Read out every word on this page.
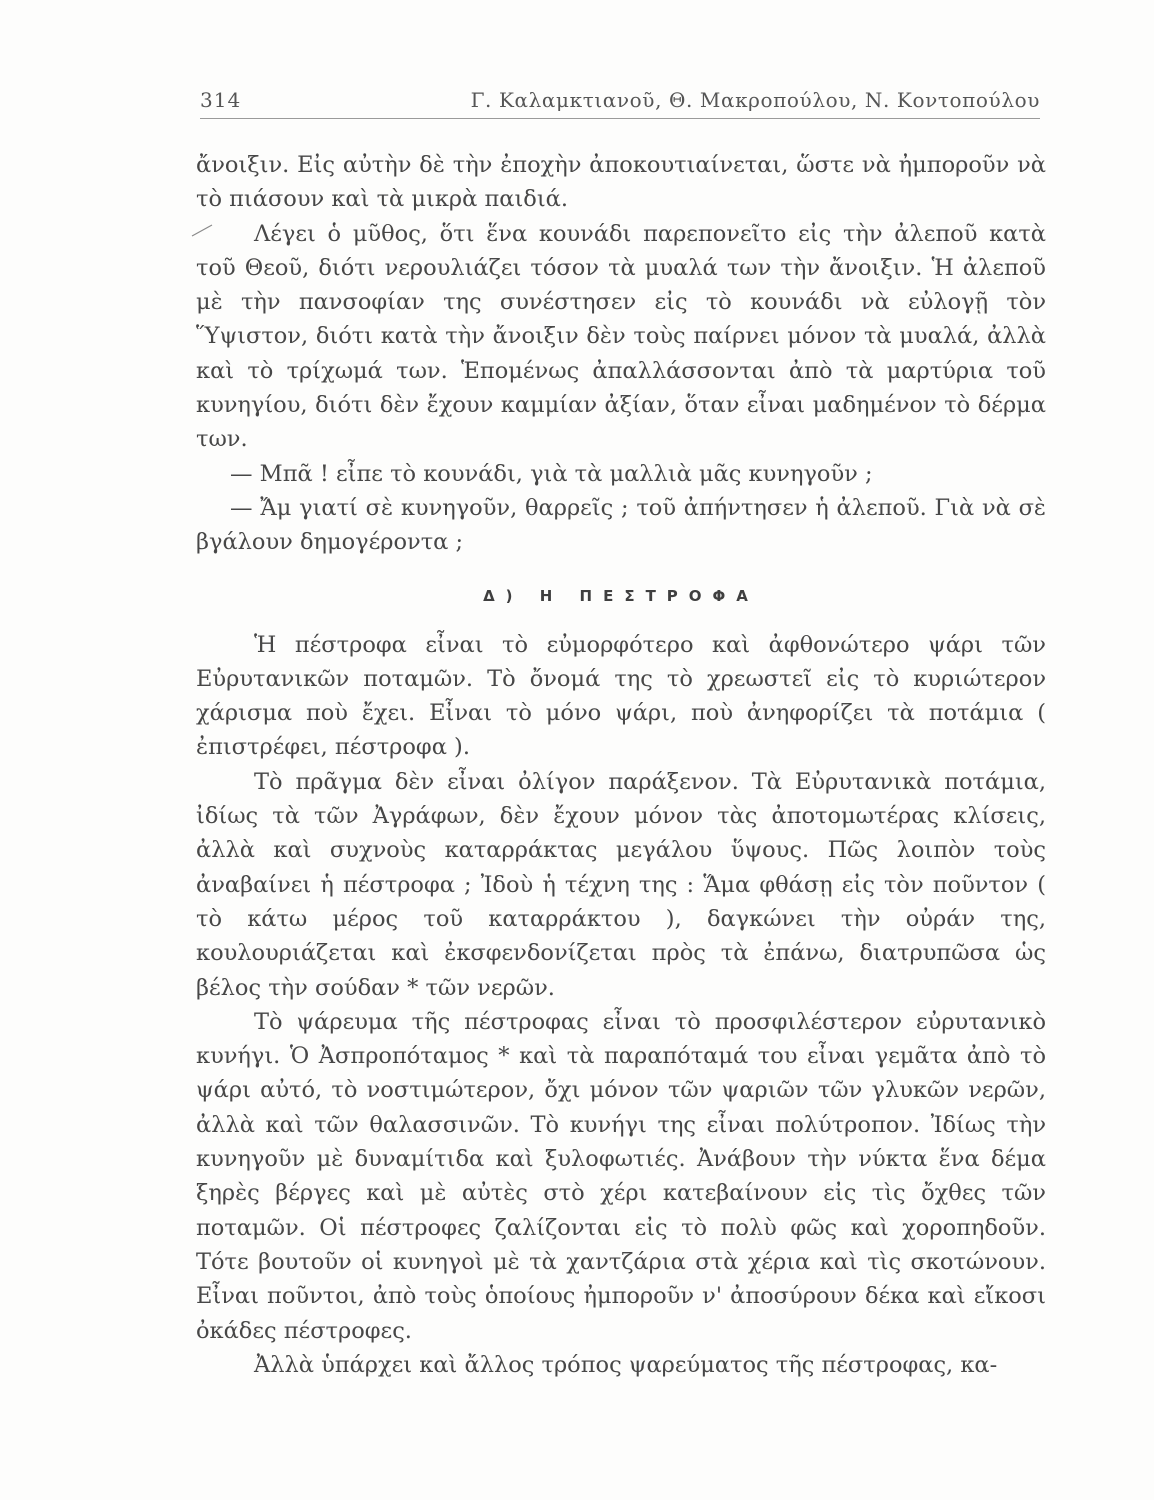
314	Γ. Καλαμκτιανοῦ, Θ. Μακροπούλου, Ν. Κοντοπούλου

ἄνοιξιν. Εἰς αὐτὴν δὲ τὴν ἐποχὴν ἀποκουτιαίνεται, ὥστε νὰ ἠμποροῦν νὰ τὸ πιάσουν καὶ τὰ μικρὰ παιδιά.

Λέγει ὁ μῦθος, ὅτι ἕνα κουνάδι παρεπονεῖτο εἰς τὴν ἀλεποῦ κατὰ τοῦ Θεοῦ, διότι νερουλιάζει τόσον τὰ μυαλά των τὴν ἄνοιξιν. Ἡ ἀλεποῦ μὲ τὴν πανσοφίαν της συνέστησεν εἰς τὸ κουνάδι νὰ εὐλογῇ τὸν Ὕψιστον, διότι κατὰ τὴν ἄνοιξιν δὲν τοὺς παίρνει μόνον τὰ μυαλά, ἀλλὰ καὶ τὸ τρίχωμά των. Ἑπομένως ἀπαλλάσσονται ἀπὸ τὰ μαρτύρια τοῦ κυνηγίου, διότι δὲν ἔχουν καμμίαν ἀξίαν, ὅταν εἶναι μαδημένον τὸ δέρμα των.

— Μπᾶ ! εἶπε τὸ κουνάδι, γιὰ τὰ μαλλιὰ μᾶς κυνηγοῦν ;

— Ἄμ γιατί σὲ κυνηγοῦν, θαρρεῖς ; τοῦ ἀπήντησεν ἡ ἀλεποῦ. Γιὰ νὰ σὲ βγάλουν δημογέροντα ;

Δ) Η ΠΕΣΤΡΟΦΑ

Ἡ πέστροφα εἶναι τὸ εὐμορφότερο καὶ ἀφθονώτερο ψάρι τῶν Εὐρυτανικῶν ποταμῶν. Τὸ ὄνομά της τὸ χρεωστεῖ εἰς τὸ κυριώτερον χάρισμα ποὺ ἔχει. Εἶναι τὸ μόνο ψάρι, ποὺ ἀνηφορίζει τὰ ποτάμια ( ἐπιστρέφει, πέστροφα ).

Τὸ πρᾶγμα δὲν εἶναι ὀλίγον παράξενον. Τὰ Εὐρυτανικὰ ποτάμια, ἰδίως τὰ τῶν Ἀγράφων, δὲν ἔχουν μόνον τὰς ἀποτομωτέρας κλίσεις, ἀλλὰ καὶ συχνοὺς καταρράκτας μεγάλου ὕψους. Πῶς λοιπὸν τοὺς ἀναβαίνει ἡ πέστροφα ; Ἰδοὺ ἡ τέχνη της : Ἅμα φθάσῃ εἰς τὸν ποῦντον ( τὸ κάτω μέρος τοῦ καταρράκτου ), δαγκώνει τὴν οὐράν της, κουλουριάζεται καὶ ἐκσφενδονίζεται πρὸς τὰ ἐπάνω, διατρυπῶσα ὡς βέλος τὴν σούδαν * τῶν νερῶν.

Τὸ ψάρευμα τῆς πέστροφας εἶναι τὸ προσφιλέστερον εὐρυτανικὸ κυνήγι. Ὁ Ἀσπροπόταμος * καὶ τὰ παραπόταμά του εἶναι γεμᾶτα ἀπὸ τὸ ψάρι αὐτό, τὸ νοστιμώτερον, ὄχι μόνον τῶν ψαριῶν τῶν γλυκῶν νερῶν, ἀλλὰ καὶ τῶν θαλασσινῶν. Τὸ κυνήγι της εἶναι πολύτροπον. Ἰδίως τὴν κυνηγοῦν μὲ δυναμίτιδα καὶ ξυλοφωτιές. Ἀνάβουν τὴν νύκτα ἕνα δέμα ξηρὲς βέργες καὶ μὲ αὐτὲς στὸ χέρι κατεβαίνουν εἰς τὶς ὄχθες τῶν ποταμῶν. Οἱ πέστροφες ζαλίζονται εἰς τὸ πολὺ φῶς καὶ χοροπηδοῦν. Τότε βουτοῦν οἱ κυνηγοὶ μὲ τὰ χαντζάρια στὰ χέρια καὶ τὶς σκοτώνουν. Εἶναι ποῦντοι, ἀπὸ τοὺς ὁποίους ἠμποροῦν ν' ἀποσύρουν δέκα καὶ εἴκοσι ὀκάδες πέστροφες.

Ἀλλὰ ὑπάρχει καὶ ἄλλος τρόπος ψαρεύματος τῆς πέστροφας, κα-
